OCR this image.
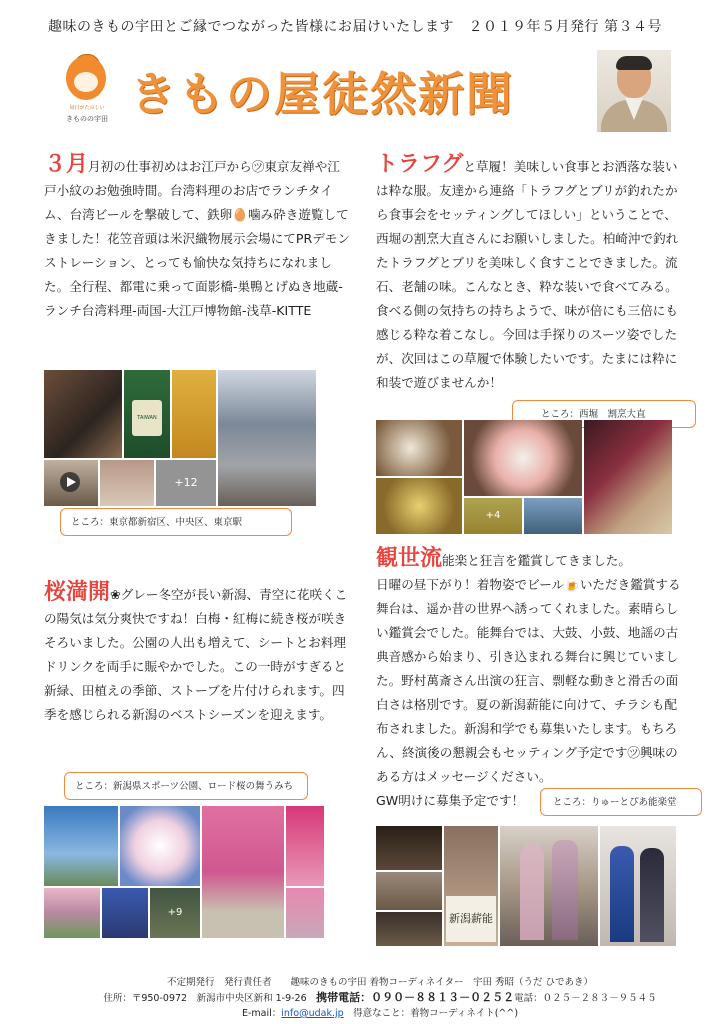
趣味のきもの宇田とご縁でつながった皆様にお届けいたします　２０１９年５月発行 第３４号
毎日がたのしい
きものの宇田 きもの屋徒然新聞
３月月初の仕事初めはお江戸から㋡東京友禅や江戸小紋のお勉強時間。台湾料理のお店でランチタイム、台湾ビールを撃破して、鉄卵🥚噛み砕き遊覧してきました！花笠音頭は米沢織物展示会場にてPRデモンストレーション、とっても愉快な気持ちになれました。全行程、都電に乗って面影橋-巣鴨とげぬき地蔵-ランチ台湾料理-両国-大江戸博物館-浅草-KITTE
TAIWAN BEER
+12
ところ：東京都新宿区、中央区、東京駅
トラフグと草履！美味しい食事とお洒落な装いは粋な服。友達から連絡「トラフグとブリが釣れたから食事会をセッティングしてほしい」ということで、西堀の割烹大直さんにお願いしました。柏崎沖で釣れたトラフグとブリを美味しく食すことできました。流石、老舗の味。こんなとき、粋な装いで食べてみる。食べる側の気持ちの持ちようで、味が倍にも三倍にも感じる粋な着こなし。今回は手探りのスーツ姿でしたが、次回はこの草履で体験したいです。たまには粋に和装で遊びませんか！
ところ：西堀　割烹大直
+4
桜満開❀グレー冬空が長い新潟、青空に花咲くこの陽気は気分爽快ですね！白梅・紅梅に続き桜が咲きそろいました。公園の人出も増えて、シートとお料理ドリンクを両手に賑やかでした。この一時がすぎると新緑、田植えの季節、ストーブを片付けられます。四季を感じられる新潟のベストシーズンを迎えます。
ところ：新潟県スポーツ公園、ロード桜の舞うみち
+9
観世流能楽と狂言を鑑賞してきました。
日曜の昼下がり！着物姿でビール🍺いただき鑑賞する舞台は、遥か昔の世界へ誘ってくれました。素晴らしい鑑賞会でした。能舞台では、大鼓、小鼓、地謡の古典音感から始まり、引き込まれる舞台に興じていました。野村萬斎さん出演の狂言、剽軽な動きと滑舌の面白さは格別です。夏の新潟薪能に向けて、チラシも配布されました。新潟和学でも募集いたします。もちろん、終演後の懇親会もセッティング予定です㋡興味のある方はメッセージください。
GW明けに募集予定です！	ところ：りゅーとぴあ能楽堂
新潟薪能
不定期発行　発行責任者　　趣味のきもの宇田 着物コーディネイター　宇田 秀昭（うだ ひであき）
住所：〒950-0972　新潟市中央区新和 1-9-26　携帯電話：０９０－８８１３－０２５２電話：０２５－２８３－９５４５
E-mail：info@udak.jp　得意なこと：着物コーディネイト(^^)
